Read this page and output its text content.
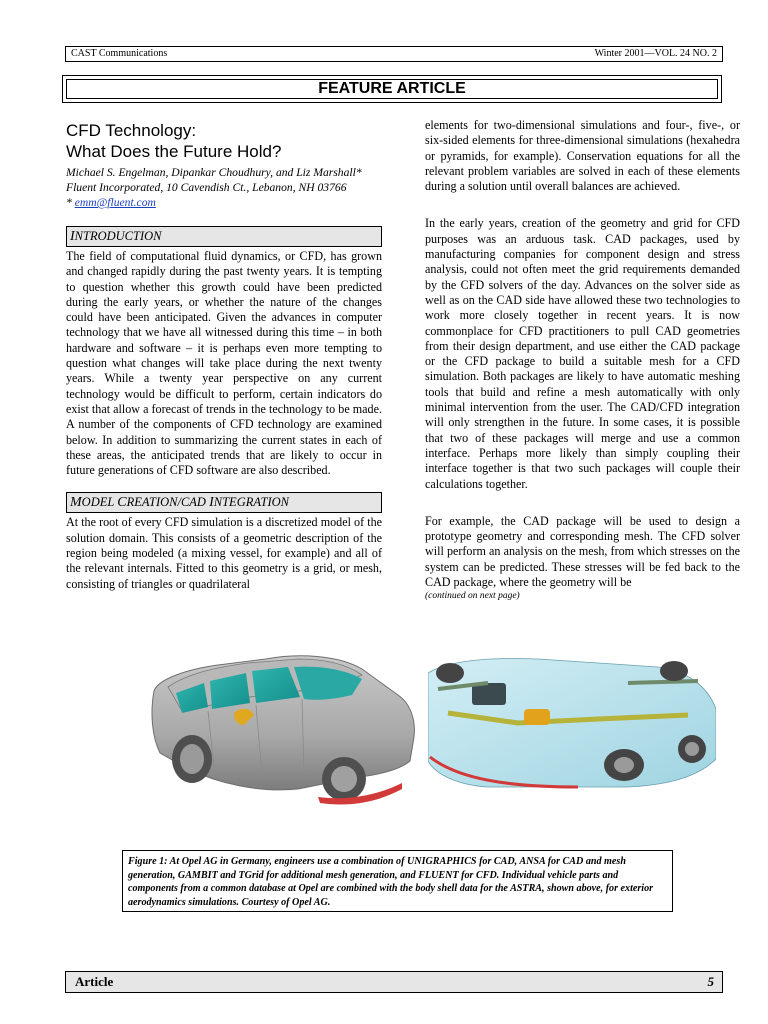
CAST Communications	Winter 2001—VOL. 24 NO. 2
FEATURE ARTICLE
CFD Technology:
What Does the Future Hold?

Michael S. Engelman, Dipankar Choudhury, and Liz Marshall*

Fluent Incorporated, 10 Cavendish Ct., Lebanon, NH 03766

* emm@fluent.com

INTRODUCTION

The field of computational fluid dynamics, or CFD, has grown and changed rapidly during the past twenty years. It is tempting to question whether this growth could have been predicted during the early years, or whether the nature of the changes could have been anticipated. Given the advances in computer technology that we have all witnessed during this time – in both hardware and software – it is perhaps even more tempting to question what changes will take place during the next twenty years. While a twenty year perspective on any current technology would be difficult to perform, certain indicators do exist that allow a forecast of trends in the technology to be made. A number of the components of CFD technology are examined below. In addition to summarizing the current states in each of these areas, the anticipated trends that are likely to occur in future generations of CFD software are also described.

MODEL CREATION/CAD INTEGRATION

At the root of every CFD simulation is a discretized model of the solution domain. This consists of a geometric description of the region being modeled (a mixing vessel, for example) and all of the relevant internals. Fitted to this geometry is a grid, or mesh, consisting of triangles or quadrilateral

elements for two-dimensional simulations and four-, five-, or six-sided elements for three-dimensional simulations (hexahedra or pyramids, for example). Conservation equations for all the relevant problem variables are solved in each of these elements during a solution until overall balances are achieved.

In the early years, creation of the geometry and grid for CFD purposes was an arduous task. CAD packages, used by manufacturing companies for component design and stress analysis, could not often meet the grid requirements demanded by the CFD solvers of the day. Advances on the solver side as well as on the CAD side have allowed these two technologies to work more closely together in recent years. It is now commonplace for CFD practitioners to pull CAD geometries from their design department, and use either the CAD package or the CFD package to build a suitable mesh for a CFD simulation. Both packages are likely to have automatic meshing tools that build and refine a mesh automatically with only minimal intervention from the user. The CAD/CFD integration will only strengthen in the future. In some cases, it is possible that two of these packages will merge and use a common interface. Perhaps more likely than simply coupling their interface together is that two such packages will couple their calculations together.

For example, the CAD package will be used to design a prototype geometry and corresponding mesh. The CFD solver will perform an analysis on the mesh, from which stresses on the system can be predicted. These stresses will be fed back to the CAD package, where the geometry will be

(continued on next page)

Figure 1: At Opel AG in Germany, engineers use a combination of UNIGRAPHICS for CAD, ANSA for CAD and mesh generation, GAMBIT and TGrid for additional mesh generation, and FLUENT for CFD. Individual vehicle parts and components from a common database at Opel are combined with the body shell data for the ASTRA, shown above, for exterior aerodynamics simulations. Courtesy of Opel AG.
Article	5
